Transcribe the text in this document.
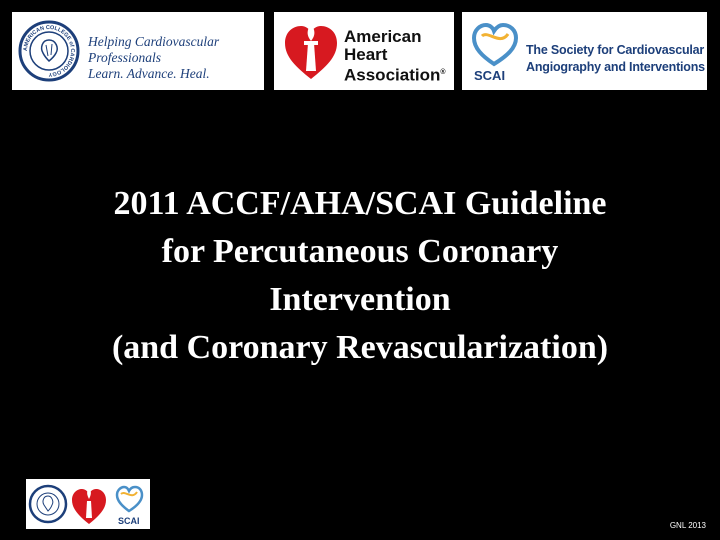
AMERICAN COLLEGE of CARDIOLOGY
Helping Cardiovascular Professionals
Learn. Advance. Heal.
American
Heart
Association® SCAI
The Society for Cardiovascular
Angiography and Interventions
2011 ACCF/AHA/SCAI Guideline
for Percutaneous Coronary
Intervention
(and Coronary Revascularization)
SCAI	GNL 2013
